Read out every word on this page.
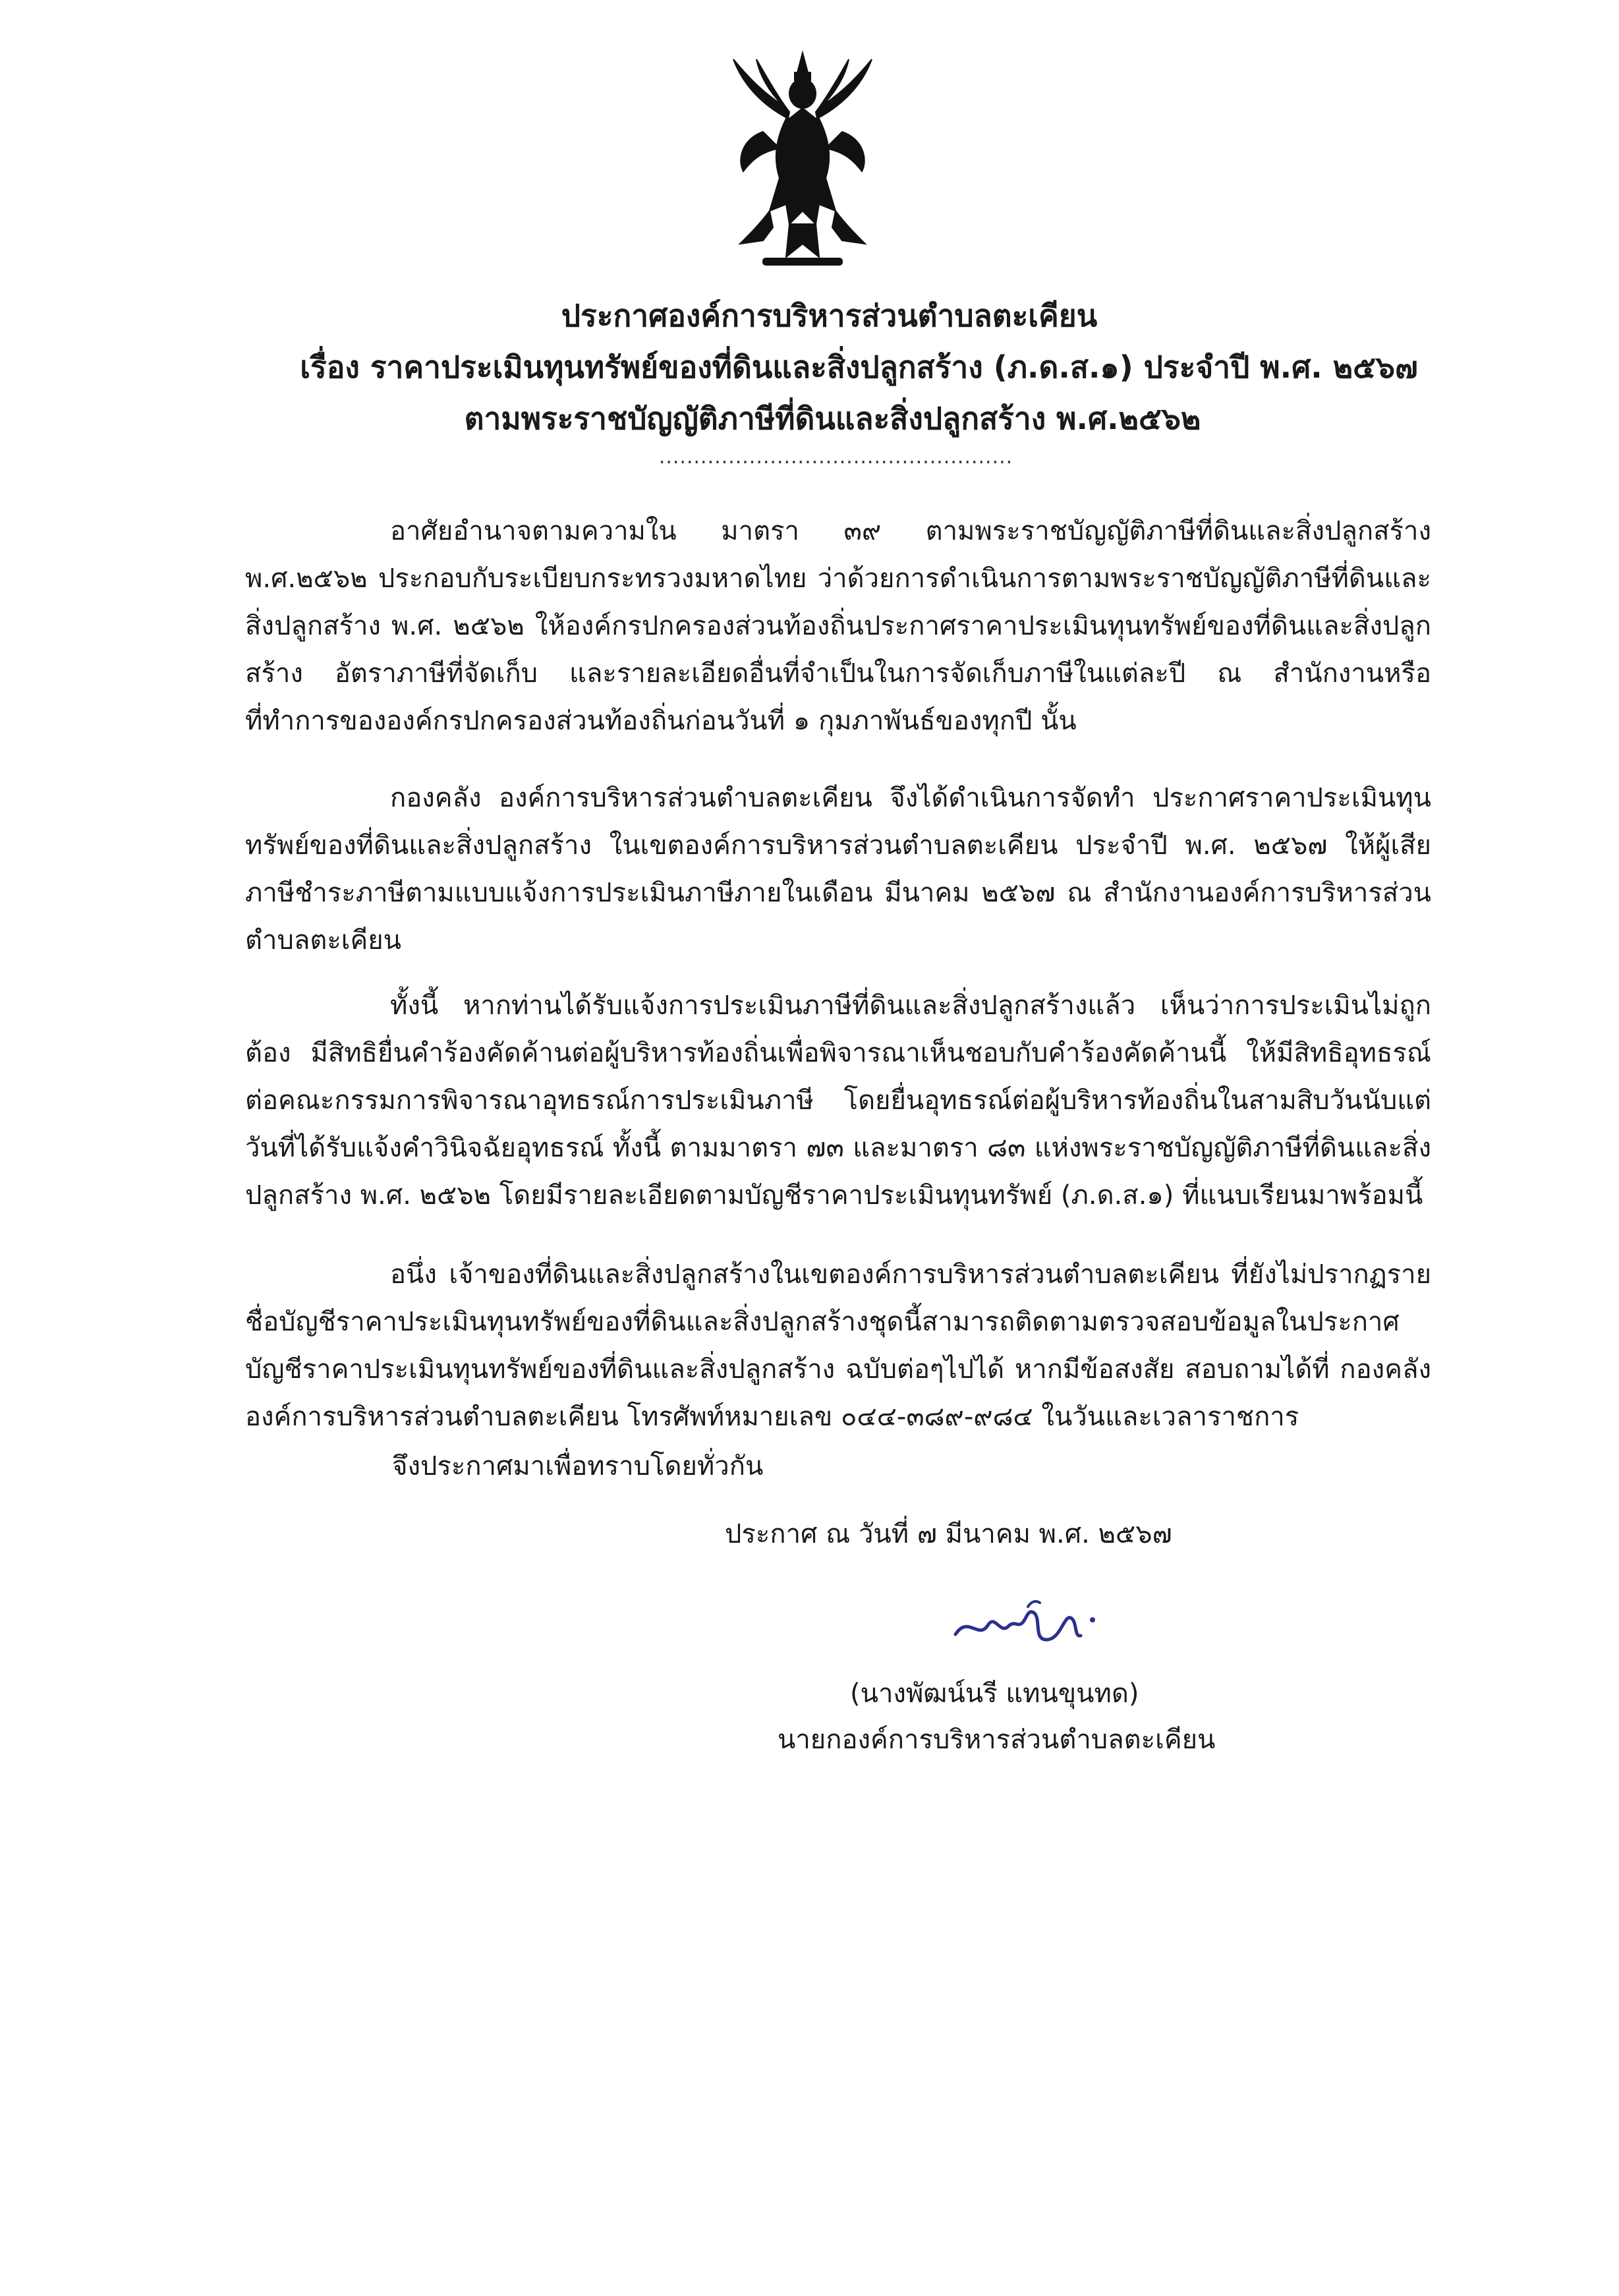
ประกาศองค์การบริหารส่วนตำบลตะเคียน
เรื่อง ราคาประเมินทุนทรัพย์ของที่ดินและสิ่งปลูกสร้าง (ภ.ด.ส.๑) ประจำปี พ.ศ. ๒๕๖๗
ตามพระราชบัญญัติภาษีที่ดินและสิ่งปลูกสร้าง พ.ศ.๒๕๖๒
...................................................
อาศัยอำนาจตามความใน มาตรา ๓๙ ตามพระราชบัญญัติภาษีที่ดินและสิ่งปลูกสร้าง พ.ศ.๒๕๖๒ ประกอบกับระเบียบกระทรวงมหาดไทย ว่าด้วยการดำเนินการตามพระราชบัญญัติภาษีที่ดินและสิ่งปลูกสร้าง พ.ศ. ๒๕๖๒ ให้องค์กรปกครองส่วนท้องถิ่นประกาศราคาประเมินทุนทรัพย์ของที่ดินและสิ่งปลูกสร้าง อัตราภาษีที่จัดเก็บ และรายละเอียดอื่นที่จำเป็นในการจัดเก็บภาษีในแต่ละปี ณ สำนักงานหรือที่ทำการขององค์กรปกครองส่วนท้องถิ่นก่อนวันที่ ๑ กุมภาพันธ์ของทุกปี นั้น
กองคลัง องค์การบริหารส่วนตำบลตะเคียน จึงได้ดำเนินการจัดทำ ประกาศราคาประเมินทุนทรัพย์ของที่ดินและสิ่งปลูกสร้าง ในเขตองค์การบริหารส่วนตำบลตะเคียน ประจำปี พ.ศ. ๒๕๖๗ ให้ผู้เสียภาษีชำระภาษีตามแบบแจ้งการประเมินภาษีภายในเดือน มีนาคม ๒๕๖๗ ณ สำนักงานองค์การบริหารส่วนตำบลตะเคียน
ทั้งนี้ หากท่านได้รับแจ้งการประเมินภาษีที่ดินและสิ่งปลูกสร้างแล้ว เห็นว่าการประเมินไม่ถูกต้อง มีสิทธิยื่นคำร้องคัดค้านต่อผู้บริหารท้องถิ่นเพื่อพิจารณาเห็นชอบกับคำร้องคัดค้านนี้ ให้มีสิทธิอุทธรณ์ต่อคณะกรรมการพิจารณาอุทธรณ์การประเมินภาษี โดยยื่นอุทธรณ์ต่อผู้บริหารท้องถิ่นในสามสิบวันนับแต่วันที่ได้รับแจ้งคำวินิจฉัยอุทธรณ์ ทั้งนี้ ตามมาตรา ๗๓ และมาตรา ๘๓ แห่งพระราชบัญญัติภาษีที่ดินและสิ่งปลูกสร้าง พ.ศ. ๒๕๖๒ โดยมีรายละเอียดตามบัญชีราคาประเมินทุนทรัพย์ (ภ.ด.ส.๑) ที่แนบเรียนมาพร้อมนี้
อนึ่ง เจ้าของที่ดินและสิ่งปลูกสร้างในเขตองค์การบริหารส่วนตำบลตะเคียน ที่ยังไม่ปรากฏรายชื่อบัญชีราคาประเมินทุนทรัพย์ของที่ดินและสิ่งปลูกสร้างชุดนี้สามารถติดตามตรวจสอบข้อมูลในประกาศบัญชีราคาประเมินทุนทรัพย์ของที่ดินและสิ่งปลูกสร้าง ฉบับต่อๆไปได้ หากมีข้อสงสัย สอบถามได้ที่ กองคลังองค์การบริหารส่วนตำบลตะเคียน โทรศัพท์หมายเลข ๐๔๔-๓๘๙-๙๘๔ ในวันและเวลาราชการ
จึงประกาศมาเพื่อทราบโดยทั่วกัน
ประกาศ ณ วันที่ ๗ มีนาคม พ.ศ. ๒๕๖๗
(นางพัฒน์นรี แทนขุนทด)
นายกองค์การบริหารส่วนตำบลตะเคียน
